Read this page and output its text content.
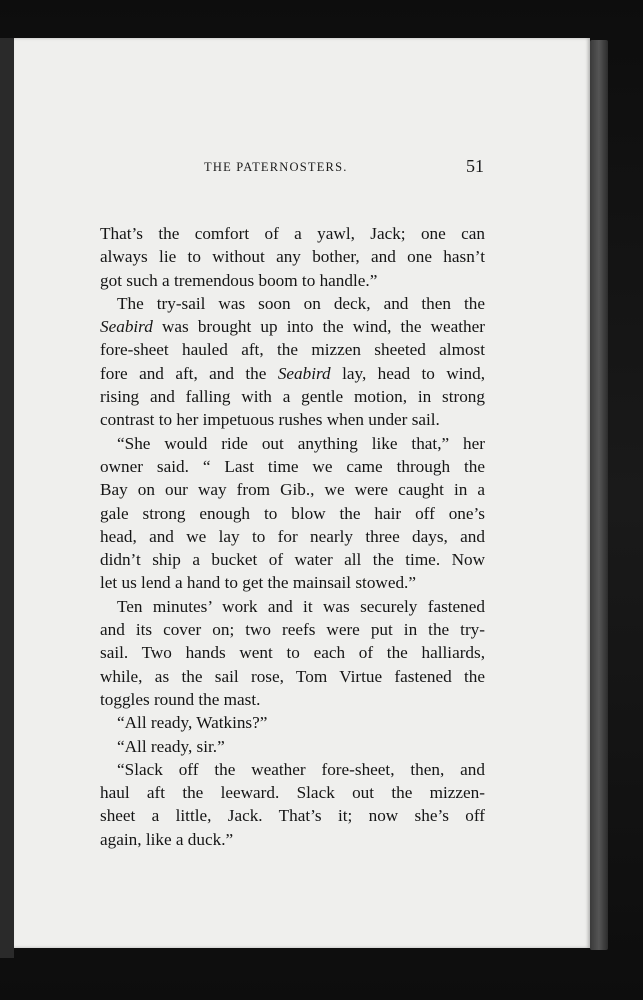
THE PATERNOSTERS.	51
That’s the comfort of a yawl, Jack; one can
always lie to without any bother, and one hasn’t
got such a tremendous boom to handle.”
The try-sail was soon on deck, and then the
Seabird was brought up into the wind, the weather
fore-sheet hauled aft, the mizzen sheeted almost
fore and aft, and the Seabird lay, head to wind,
rising and falling with a gentle motion, in strong
contrast to her impetuous rushes when under sail.
“She would ride out anything like that,” her
owner said. “ Last time we came through the
Bay on our way from Gib., we were caught in a
gale strong enough to blow the hair off one’s
head, and we lay to for nearly three days, and
didn’t ship a bucket of water all the time. Now
let us lend a hand to get the mainsail stowed.”
Ten minutes’ work and it was securely fastened
and its cover on; two reefs were put in the try-
sail. Two hands went to each of the halliards,
while, as the sail rose, Tom Virtue fastened the
toggles round the mast.
“All ready, Watkins?”
“All ready, sir.”
“Slack off the weather fore-sheet, then, and
haul aft the leeward. Slack out the mizzen-
sheet a little, Jack. That’s it; now she’s off
again, like a duck.”
